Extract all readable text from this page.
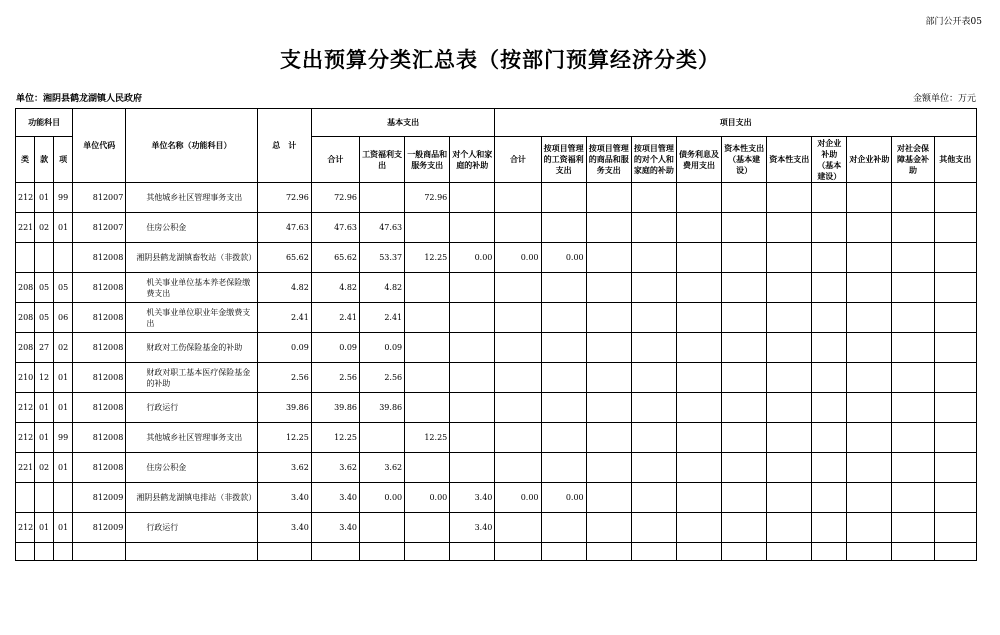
部门公开表05
支出预算分类汇总表（按部门预算经济分类）
单位：湘阴县鹤龙湖镇人民政府	金额单位：万元
功能科目			单位代码	单位名称（功能科目）	总　计	基本支出				项目支出										
类	款	项				合计	工资福利支出	一般商品和服务支出	对个人和家庭的补助	合计	按项目管理的工资福利支出	按项目管理的商品和服务支出	按项目管理的对个人和家庭的补助	债务利息及费用支出	资本性支出（基本建设）	资本性支出	对企业补助（基本建设）	对企业补助	对社会保障基金补助	其他支出
212	01	99	812007	其他城乡社区管理事务支出	72.96	72.96		72.96												
221	02	01	812007	住房公积金	47.63	47.63	47.63													
			812008	湘阴县鹤龙湖镇畜牧站（非拨款）	65.62	65.62	53.37	12.25	0.00	0.00	0.00									
208	05	05	812008	机关事业单位基本养老保险缴费支出	4.82	4.82	4.82													
208	05	06	812008	机关事业单位职业年金缴费支出	2.41	2.41	2.41													
208	27	02	812008	财政对工伤保险基金的补助	0.09	0.09	0.09													
210	12	01	812008	财政对职工基本医疗保险基金的补助	2.56	2.56	2.56													
212	01	01	812008	行政运行	39.86	39.86	39.86													
212	01	99	812008	其他城乡社区管理事务支出	12.25	12.25		12.25												
221	02	01	812008	住房公积金	3.62	3.62	3.62													
			812009	湘阴县鹤龙湖镇电排站（非拨款）	3.40	3.40	0.00	0.00	3.40	0.00	0.00									
212	01	01	812009	行政运行	3.40	3.40			3.40											
